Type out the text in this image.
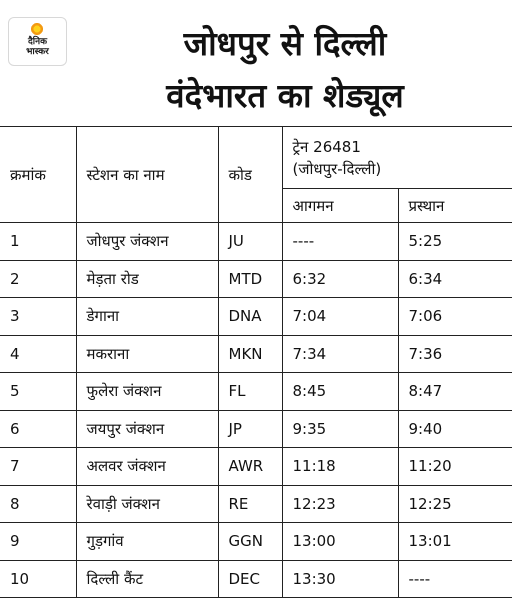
दैनिक
भास्कर	जोधपुर से दिल्ली
वंदेभारत का शेड्यूल
क्रमांक	स्टेशन का नाम	कोड	ट्रेन 26481
(जोधपुर-दिल्ली)	

			आगमन	प्रस्थान
1	जोधपुर जंक्शन	JU	----	5:25
2	मेड़ता रोड	MTD	6:32	6:34
3	डेगाना	DNA	7:04	7:06
4	मकराना	MKN	7:34	7:36
5	फुलेरा जंक्शन	FL	8:45	8:47
6	जयपुर जंक्शन	JP	9:35	9:40
7	अलवर जंक्शन	AWR	11:18	11:20
8	रेवाड़ी जंक्शन	RE	12:23	12:25
9	गुड़गांव	GGN	13:00	13:01
10	दिल्ली कैंट	DEC	13:30	----
